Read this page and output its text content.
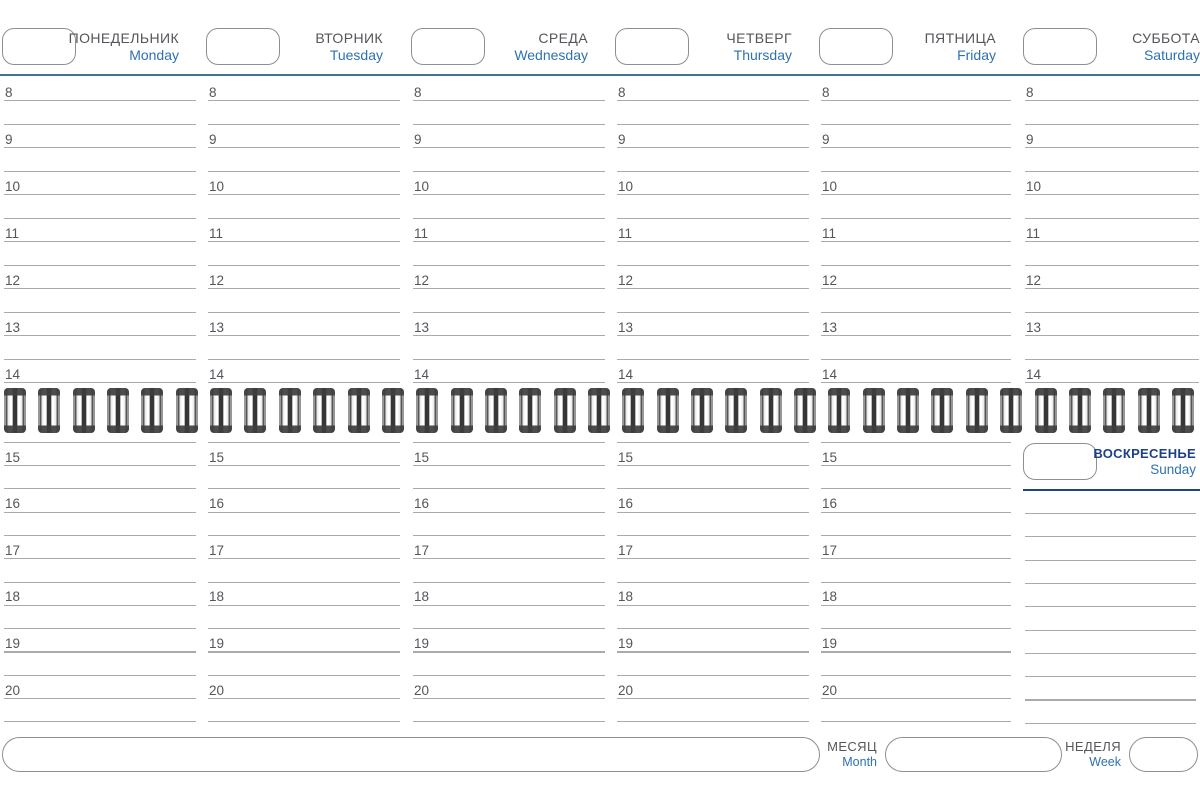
ПОНЕДЕЛЬНИК
Monday
8
9
10
11
12
13
14
15
16
17
18
19
20
ВТОРНИК
Tuesday
8
9
10
11
12
13
14
15
16
17
18
19
20
СРЕДА
Wednesday
8
9
10
11
12
13
14
15
16
17
18
19
20
ЧЕТВЕРГ
Thursday
8
9
10
11
12
13
14
15
16
17
18
19
20
ПЯТНИЦА
Friday
8
9
10
11
12
13
14
15
16
17
18
19
20
СУББОТА
Saturday
8
9
10
11
12
13
14
ВОСКРЕСЕНЬЕ
Sunday
МЕСЯЦ
Month
НЕДЕЛЯ
Week
